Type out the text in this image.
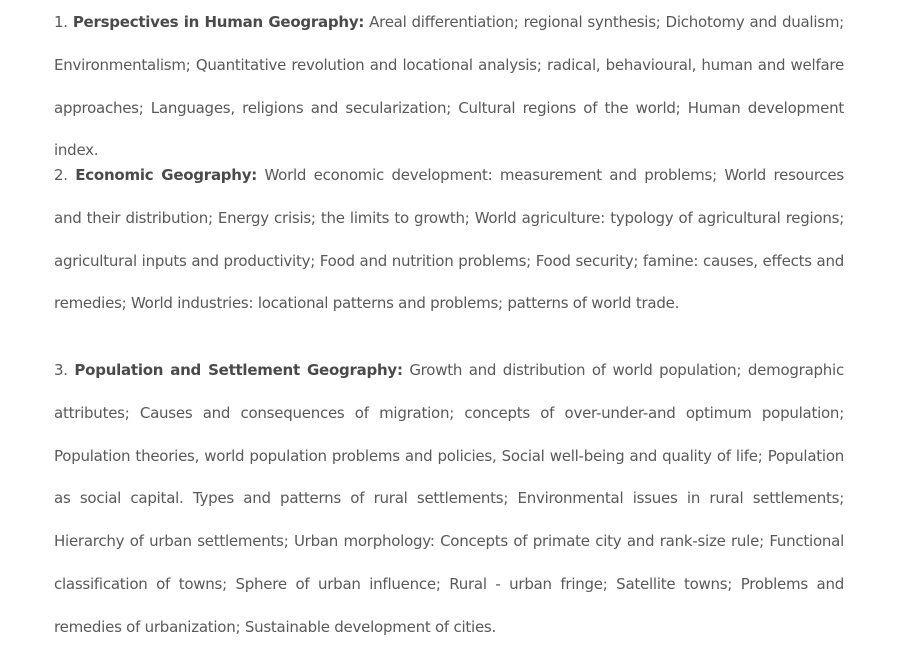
1. Perspectives in Human Geography: Areal differentiation; regional synthesis; Dichotomy and dualism; Environmentalism; Quantitative revolution and locational analysis; radical, behavioural, human and welfare approaches; Languages, religions and secularization; Cultural regions of the world; Human development index.

2. Economic Geography: World economic development: measurement and problems; World resources and their distribution; Energy crisis; the limits to growth; World agriculture: typology of agricultural regions; agricultural inputs and productivity; Food and nutrition problems; Food security; famine: causes, effects and remedies; World industries: locational patterns and problems; patterns of world trade.

3. Population and Settlement Geography: Growth and distribution of world population; demographic attributes; Causes and consequences of migration; concepts of over-under-and optimum population; Population theories, world population problems and policies, Social well-being and quality of life; Population as social capital. Types and patterns of rural settlements; Environmental issues in rural settlements; Hierarchy of urban settlements; Urban morphology: Concepts of primate city and rank-size rule; Functional classification of towns; Sphere of urban influence; Rural - urban fringe; Satellite towns; Problems and remedies of urbanization; Sustainable development of cities.
